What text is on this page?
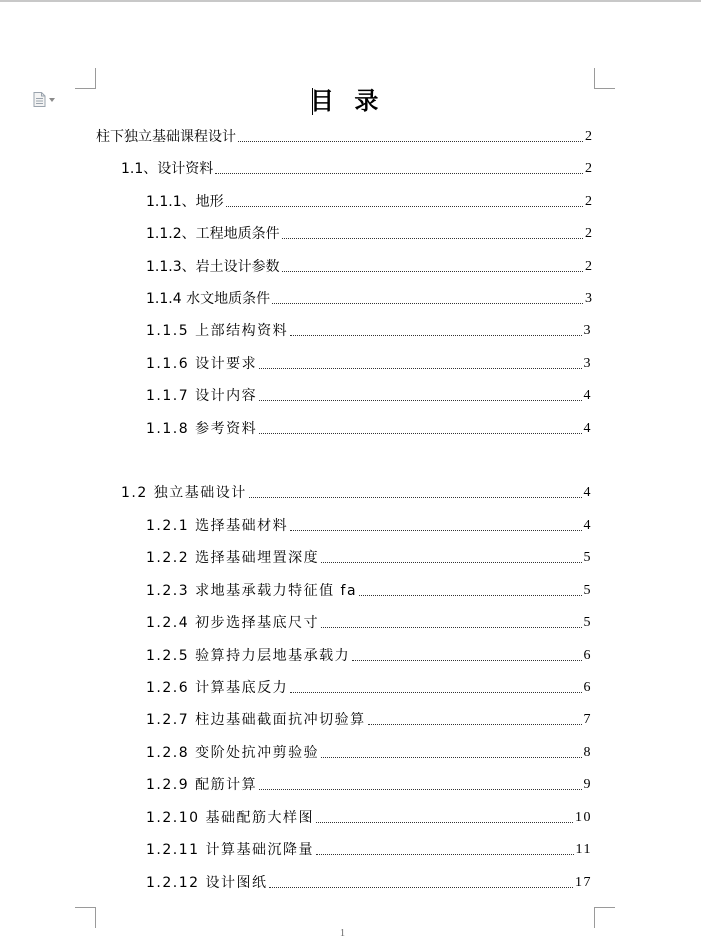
目 录
柱下独立基础课程设计	2
1.1、设计资料	2
1.1.1、地形	2
1.1.2、工程地质条件	2
1.1.3、岩土设计参数	2
1.1.4 水文地质条件	3
1.1.5 上部结构资料	3
1.1.6 设计要求	3
1.1.7 设计内容	4
1.1.8 参考资料	4
1.2 独立基础设计	4
1.2.1 选择基础材料	4
1.2.2 选择基础埋置深度	5
1.2.3 求地基承载力特征值 fa	5
1.2.4 初步选择基底尺寸	5
1.2.5 验算持力层地基承载力	6
1.2.6 计算基底反力	6
1.2.7 柱边基础截面抗冲切验算	7
1.2.8 变阶处抗冲剪验验	8
1.2.9 配筋计算	9
1.2.10 基础配筋大样图	10
1.2.11 计算基础沉降量	11
1.2.12 设计图纸	17
1
